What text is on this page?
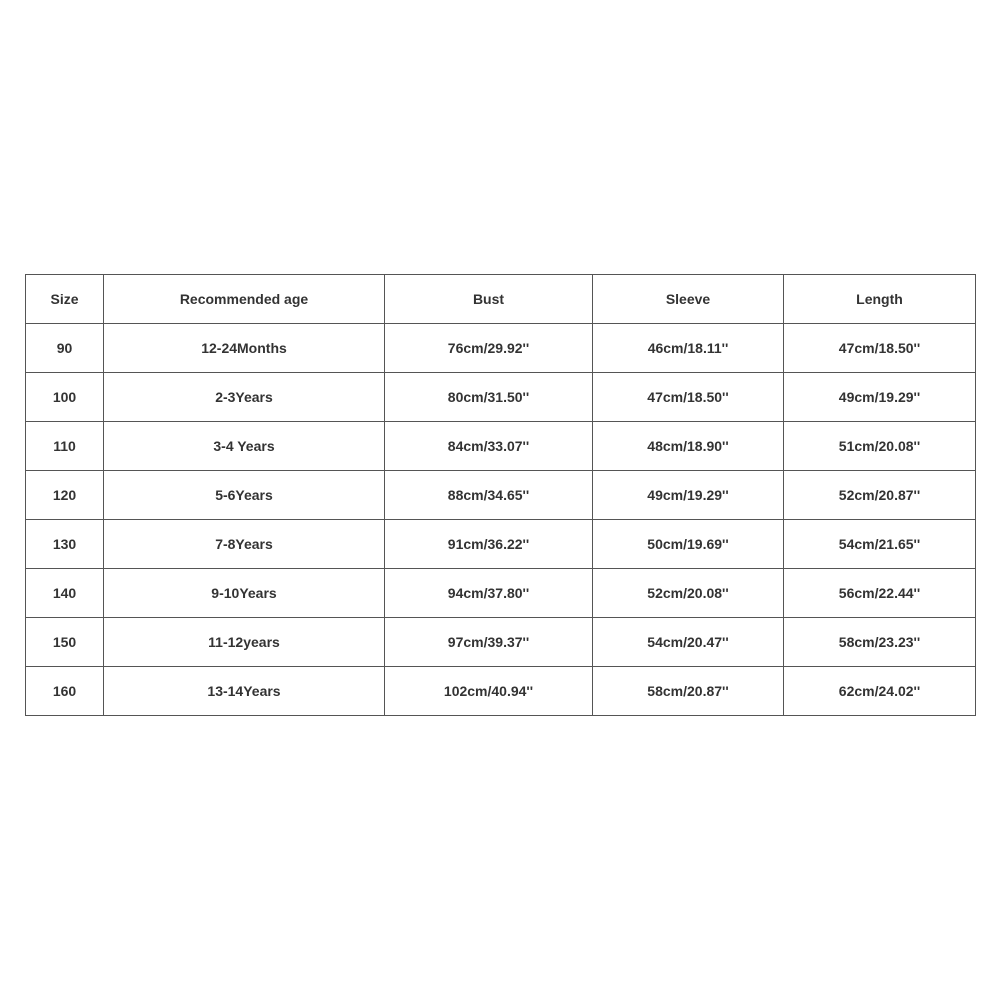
Size	Recommended age	Bust	Sleeve	Length
90	12-24Months	76cm/29.92''	46cm/18.11''	47cm/18.50''
100	2-3Years	80cm/31.50''	47cm/18.50''	49cm/19.29''
110	3-4 Years	84cm/33.07''	48cm/18.90''	51cm/20.08''
120	5-6Years	88cm/34.65''	49cm/19.29''	52cm/20.87''
130	7-8Years	91cm/36.22''	50cm/19.69''	54cm/21.65''
140	9-10Years	94cm/37.80''	52cm/20.08''	56cm/22.44''
150	11-12years	97cm/39.37''	54cm/20.47''	58cm/23.23''
160	13-14Years	102cm/40.94''	58cm/20.87''	62cm/24.02''
